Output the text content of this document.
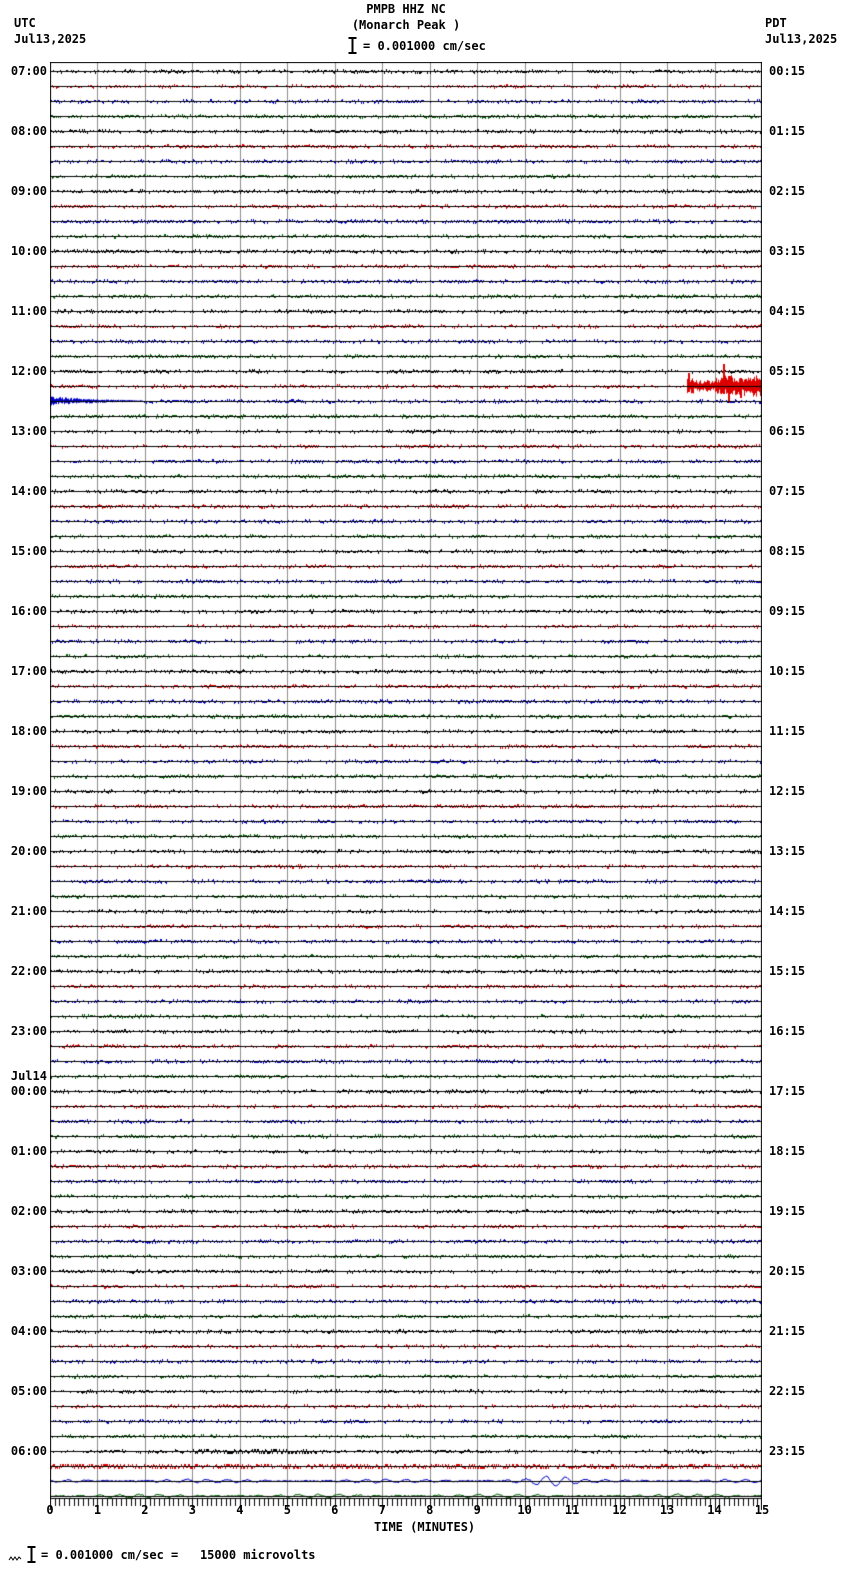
UTC
Jul13,2025
PDT
Jul13,2025
PMPB HHZ NC
(Monarch Peak )
= 0.001000 cm/sec
07:00
08:00
09:00
10:00
11:00
12:00
13:00
14:00
15:00
16:00
17:00
18:00
19:00
20:00
21:00
22:00
23:00
00:00
Jul14
01:00
02:00
03:00
04:00
05:00
06:00
00:15
01:15
02:15
03:15
04:15
05:15
06:15
07:15
08:15
09:15
10:15
11:15
12:15
13:15
14:15
15:15
16:15
17:15
18:15
19:15
20:15
21:15
22:15
23:15
0	1	2	3	4	5	6	7	8	9	10	11	12	13	14	15
TIME (MINUTES)
= 0.001000 cm/sec =   15000 microvolts
